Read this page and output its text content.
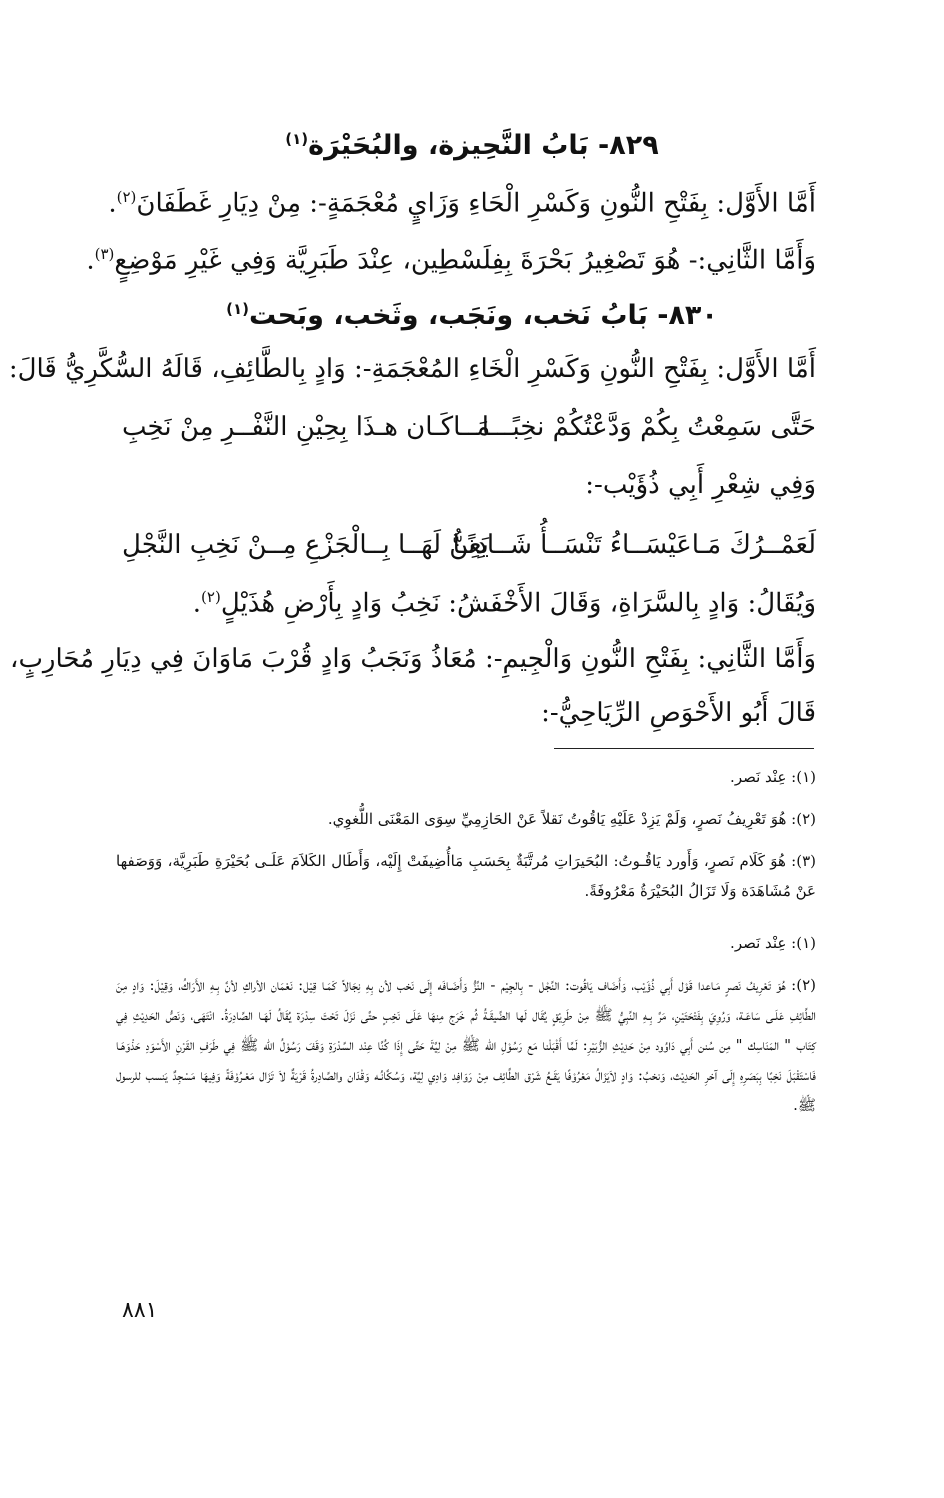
٨٢٩- بَابُ النَّحِيزة، والبُحَيْرَة$^{(١)}$
أَمَّا الأَوَّل: بِفَتْحِ النُّونِ وَكَسْرِ الْحَاءِ وَزَايٍ مُعْجَمَةٍ-: مِنْ دِيَارِ غَطَفَانَ$^{(٢)}$.
وَأَمَّا الثَّانِي:- هُوَ تَصْغِيرُ بَحْرَةَ بِفِلَسْطِين، عِنْدَ طَبَرِيَّة وَفِي غَيْرِ مَوْضِعٍ$^{(٣)}$.
٨٣٠- بَابُ نَخب، ونَجَب، وثَخب، وبَحت$^{(١)}$
أَمَّا الأَوَّل: بِفَتْحِ النُّونِ وَكَسْرِ الْخَاءِ المُعْجَمَةِ-: وَادٍ بِالطَّائِفِ، قَالَهُ السُّكَّرِيُّ قَالَ:
حَتَّى سَمِعْتُ بِكُمْ وَدَّعْتُكُمْ نخِبًـــا
مَــاكَـان هـذَا بِحِيْنِ النَّفْــرِ مِنْ نَخِبِ
وَفِي شِعْرِ أَبِي ذُؤَيْب-:
لَعَمْــرُكَ مَـاعَيْسَــاءُ تَنْسَــأُ شَــادِنًـا
يَعِنُّ لَهَــا بِــالْجَزْعِ مِــنْ نَخِبِ النَّجْلِ
وَيُقَالُ: وَادٍ بِالسَّرَاةِ، وَقَالَ الأَخْفَشُ: نَخِبُ وَادٍ بِأَرْضِ هُذَيْلٍ$^{(٢)}$.
وَأَمَّا الثَّانِي: بِفَتْحِ النُّونِ وَالْجِيمِ-: مُعَاذُ وَنَجَبُ وَادٍ قُرْبَ مَاوَانَ فِي دِيَارِ مُحَارِبٍ،
قَالَ أَبُو الأَحْوَصِ الرِّيَاحِيُّ-:
(١): عِنْد نَصر.
(٢): هُوَ تَعْرِيفُ نَصرٍ، وَلَمْ يَزِدْ عَلَيْهِ يَاقُوتُ نَقلاً عَنْ الحَازِمِيِّ سِوَى المَعْنَى اللُّغوِي.
(٣): هُوَ كَلَام نَصرٍ، وَأَورد يَاقُـوتُ: البُحَيرَاتِ مُرتَّبَةٌ بِحَسَبِ مَاأُضِيفَتْ إِلَيْه، وَأَطَال الكَلاَمَ عَلَـى بُحَيْرَةِ طَبَرِيَّة، وَوَصَفها عَنْ مُشَاهَدَة وَلَا تَزَالُ البُحَيْرَةُ مَعْرُوفَةً.
(١): عِنْد نَصر.
(٢): هُوَ تَعْرِيفُ نَصرٍ مَـاعدا قَوْل أَبِي ذُؤَيْب، وَأَضَاف يَاقُوت: النَّجْل - بِالجِيْم - النَّزُّ وَأَضَـافَه إِلَى نَخب لأن بِهِ نِجَالاً كَمَـا قِيْل: نَعْمَان الأراكِ لأنَّ بِـهِ الأَرَاكُ، وَقِيْلَ: وَادٍ مِنَ الطَّائِفِ عَلَـى سَاعَـة، وَرُوِيَ بِفَتْحَتَيْنِ، مَرَّ بِـهِ النَّبِيُّ ﷺ مِنْ طَرِيْقٍ يُقَال لَها الضَّيقَـةُ ثُم خَرَج مِنهَا عَلَى نَخِبٍ حتَّى نَزَلَ تَحْتَ سِدْرَة يُقَالُ لَهَـا الصَّادِرَةُ. انْتَهَى، وَنَصُّ الحَدِيْثِ فِي كِتَاب " المَنَاسِك " مِن سُنن أَبِي دَاوُود مِنْ حَدِيْثِ الزُّبَيْرِ: لَمَّا أَقْبَلْنا مَع رَسُوْلِ الله ﷺ مِنْ لِيَّةَ حَتَّى إِذَا كُنَّا عِنْد السِّدْرَةِ وَقَفَ رَسُوْلُ الله ﷺ فِي طَرَفِ القَرْنِ الأَسْوَدِ حَذْوَهَـا فَاسْتَقْبَلَ نَخِبًا بِبَصَرِهِ إِلَى آخرِ الحَدِيْث، وَنخبُ: وَادٍ لاَيَزَالُ مَعْرُوْفًا يَقَـعُ شَرْق الطَّائِف مِنْ رَوَافِد وَادِي لِيَّة، وَسُكَّانُـه وَقْدَان والصَّادِرةُ قَرْيَةٌ لاَ تَزَال مَعْـرُوْفَةً وَفِيهَا مَسْجِدٌ يَنسب للرسول ﷺ.
٨٨١
